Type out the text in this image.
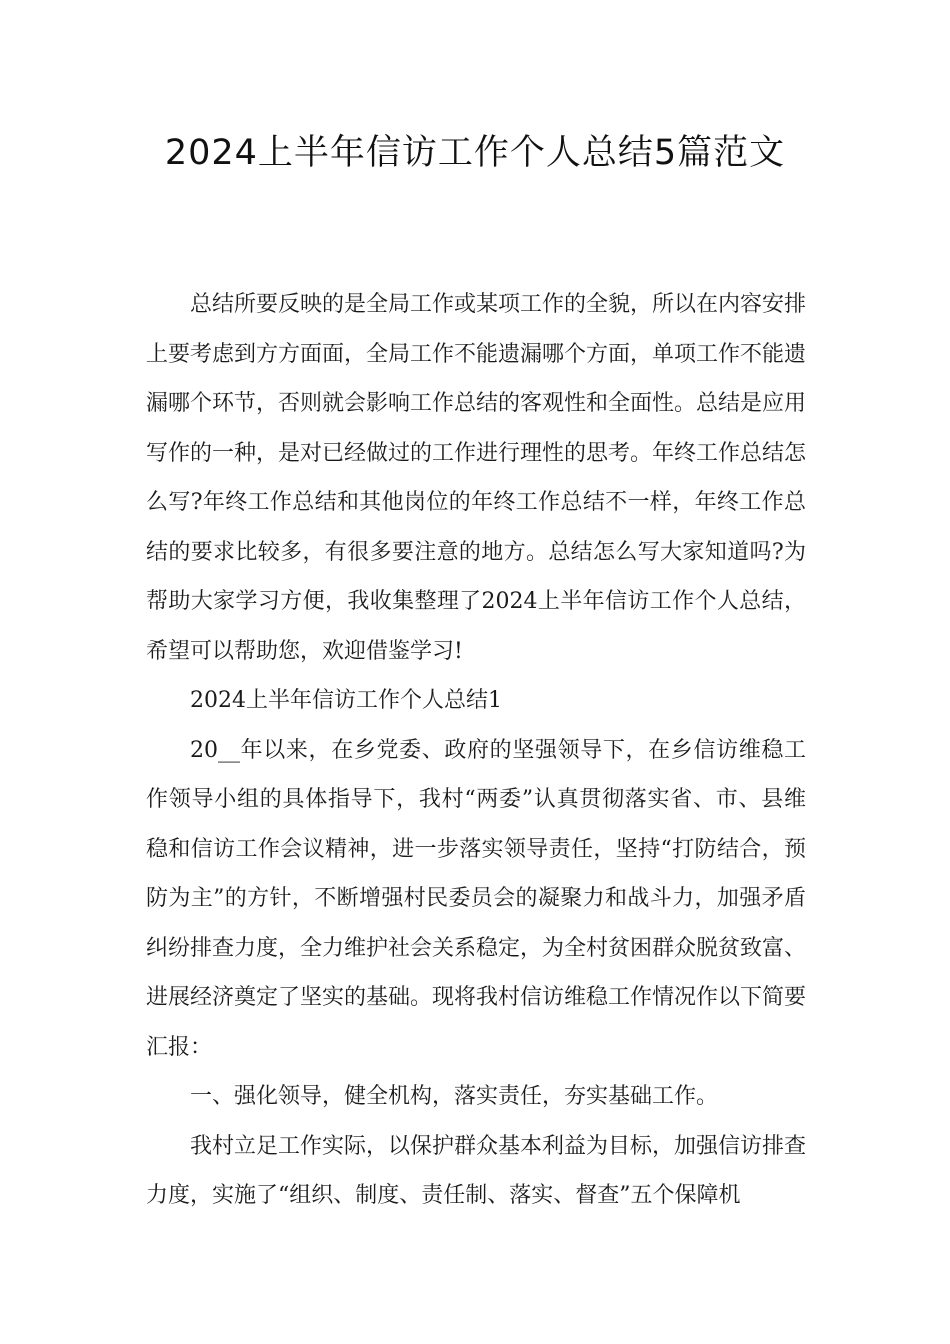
2024上半年信访工作个人总结5篇范文

总结所要反映的是全局工作或某项工作的全貌，所以在内容安排上要考虑到方方面面，全局工作不能遗漏哪个方面，单项工作不能遗漏哪个环节，否则就会影响工作总结的客观性和全面性。总结是应用写作的一种，是对已经做过的工作进行理性的思考。年终工作总结怎么写?年终工作总结和其他岗位的年终工作总结不一样，年终工作总结的要求比较多，有很多要注意的地方。总结怎么写大家知道吗?为帮助大家学习方便，我收集整理了2024上半年信访工作个人总结，希望可以帮助您，欢迎借鉴学习!

2024上半年信访工作个人总结1

20__年以来，在乡党委、政府的坚强领导下，在乡信访维稳工作领导小组的具体指导下，我村“两委”认真贯彻落实省、市、县维稳和信访工作会议精神，进一步落实领导责任，坚持“打防结合，预防为主”的方针，不断增强村民委员会的凝聚力和战斗力，加强矛盾纠纷排查力度，全力维护社会关系稳定，为全村贫困群众脱贫致富、进展经济奠定了坚实的基础。现将我村信访维稳工作情况作以下简要汇报：

一、强化领导，健全机构，落实责任，夯实基础工作。

我村立足工作实际，以保护群众基本利益为目标，加强信访排查力度，实施了“组织、制度、责任制、落实、督查”五个保障机
